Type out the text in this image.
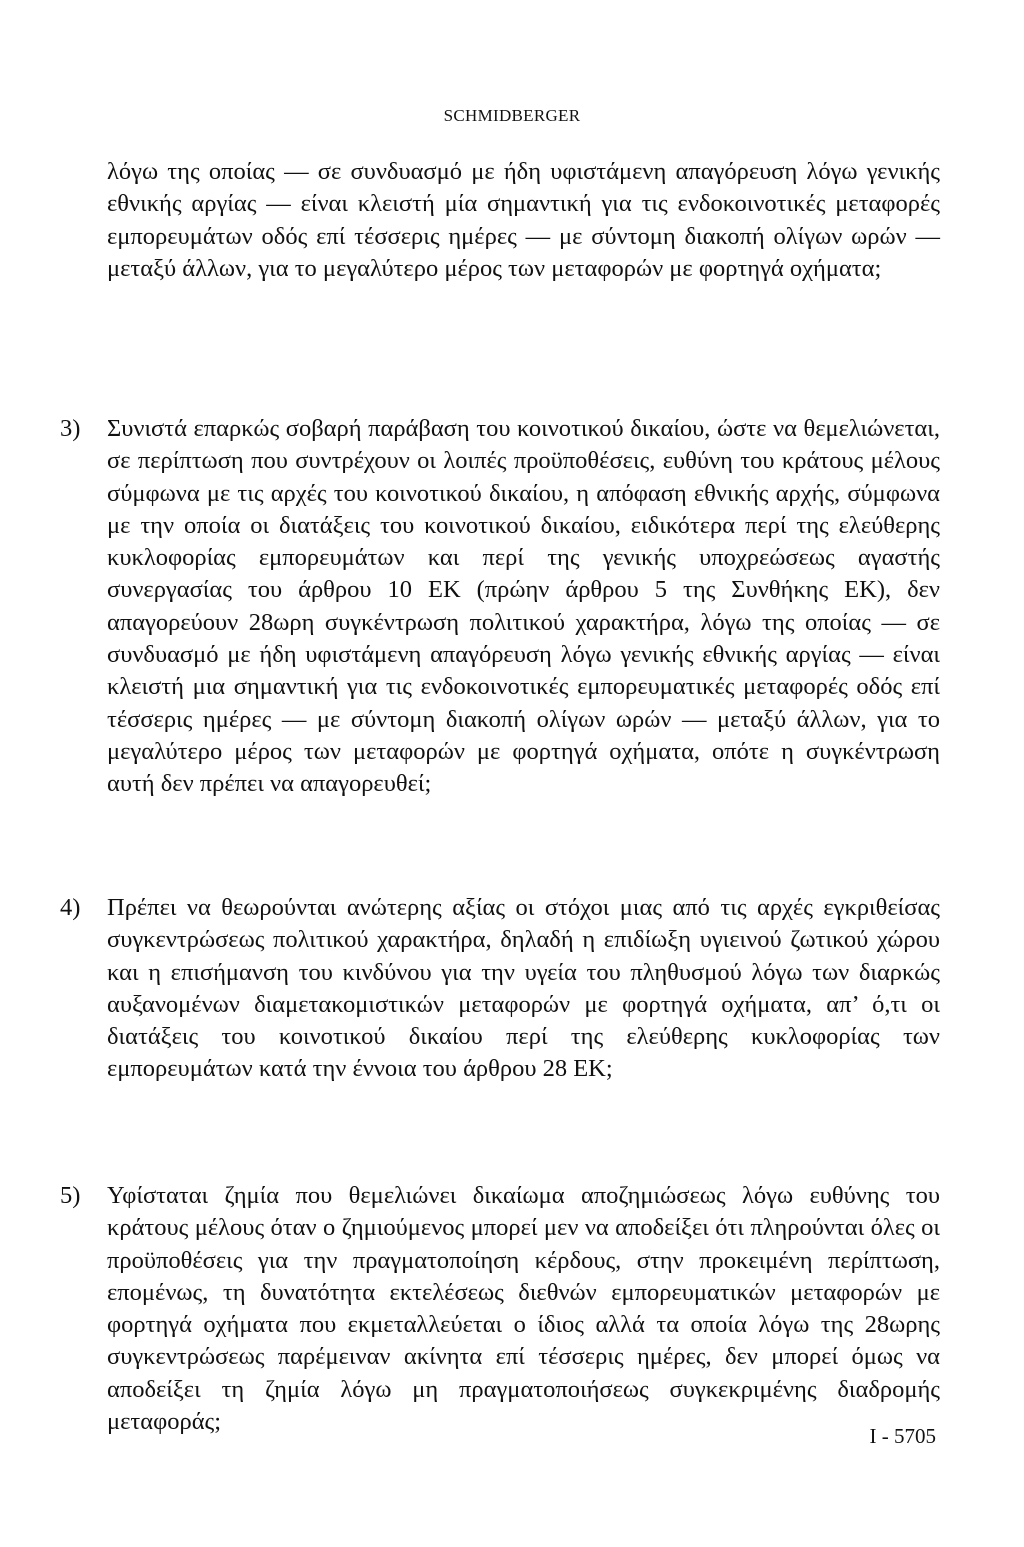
SCHMIDBERGER

λόγω της οποίας — σε συνδυασμό με ήδη υφιστάμενη απαγόρευση λόγω γενικής εθνικής αργίας — είναι κλειστή μία σημαντική για τις ενδοκοινοτικές μεταφορές εμπορευμάτων οδός επί τέσσερις ημέρες — με σύντομη διακοπή ολίγων ωρών — μεταξύ άλλων, για το μεγαλύτερο μέρος των μεταφορών με φορτηγά οχήματα;

3) Συνιστά επαρκώς σοβαρή παράβαση του κοινοτικού δικαίου, ώστε να θεμελιώνεται, σε περίπτωση που συντρέχουν οι λοιπές προϋποθέσεις, ευθύνη του κράτους μέλους σύμφωνα με τις αρχές του κοινοτικού δικαίου, η απόφαση εθνικής αρχής, σύμφωνα με την οποία οι διατάξεις του κοινοτικού δικαίου, ειδικότερα περί της ελεύθερης κυκλοφορίας εμπορευμάτων και περί της γενικής υποχρεώσεως αγαστής συνεργασίας του άρθρου 10 ΕΚ (πρώην άρθρου 5 της Συνθήκης ΕΚ), δεν απαγορεύουν 28ωρη συγκέντρωση πολιτικού χαρακτήρα, λόγω της οποίας — σε συνδυασμό με ήδη υφιστάμενη απαγόρευση λόγω γενικής εθνικής αργίας — είναι κλειστή μια σημαντική για τις ενδοκοινοτικές εμπορευματικές μεταφορές οδός επί τέσσερις ημέρες — με σύντομη διακοπή ολίγων ωρών — μεταξύ άλλων, για το μεγαλύτερο μέρος των μεταφορών με φορτηγά οχήματα, οπότε η συγκέντρωση αυτή δεν πρέπει να απαγορευθεί;

4) Πρέπει να θεωρούνται ανώτερης αξίας οι στόχοι μιας από τις αρχές εγκριθείσας συγκεντρώσεως πολιτικού χαρακτήρα, δηλαδή η επιδίωξη υγιεινού ζωτικού χώρου και η επισήμανση του κινδύνου για την υγεία του πληθυσμού λόγω των διαρκώς αυξανομένων διαμετακομιστικών μεταφορών με φορτηγά οχήματα, απ’ ό,τι οι διατάξεις του κοινοτικού δικαίου περί της ελεύθερης κυκλοφορίας των εμπορευμάτων κατά την έννοια του άρθρου 28 ΕΚ;

5) Υφίσταται ζημία που θεμελιώνει δικαίωμα αποζημιώσεως λόγω ευθύνης του κράτους μέλους όταν ο ζημιούμενος μπορεί μεν να αποδείξει ότι πληρούνται όλες οι προϋποθέσεις για την πραγματοποίηση κέρδους, στην προκειμένη περίπτωση, επομένως, τη δυνατότητα εκτελέσεως διεθνών εμπορευματικών μεταφορών με φορτηγά οχήματα που εκμεταλλεύεται ο ίδιος αλλά τα οποία λόγω της 28ωρης συγκεντρώσεως παρέμειναν ακίνητα επί τέσσερις ημέρες, δεν μπορεί όμως να αποδείξει τη ζημία λόγω μη πραγματοποιήσεως συγκεκριμένης διαδρομής μεταφοράς;

I - 5705
